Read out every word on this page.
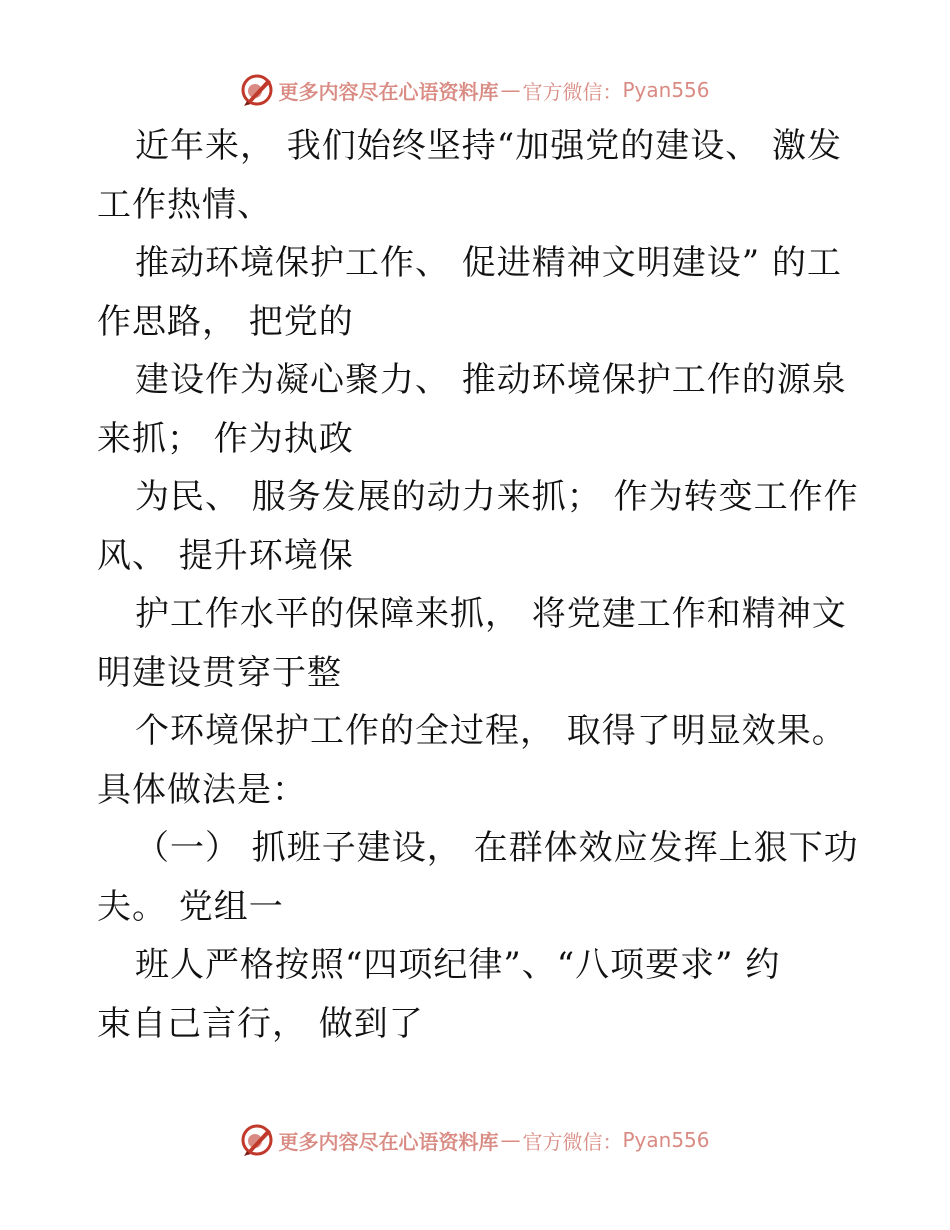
更多内容尽在心语资料库 — 官方微信： Pyan556
近年来， 我们始终坚持“加强党的建设、 激发
工作热情、
推动环境保护工作、 促进精神文明建设” 的工
作思路， 把党的
建设作为凝心聚力、 推动环境保护工作的源泉
来抓； 作为执政
为民、 服务发展的动力来抓； 作为转变工作作
风、 提升环境保
护工作水平的保障来抓， 将党建工作和精神文
明建设贯穿于整
个环境保护工作的全过程， 取得了明显效果。
具体做法是：
（一） 抓班子建设， 在群体效应发挥上狠下功
夫。 党组一
班人严格按照“四项纪律”、“八项要求” 约
束自己言行， 做到了
更多内容尽在心语资料库 — 官方微信： Pyan556
